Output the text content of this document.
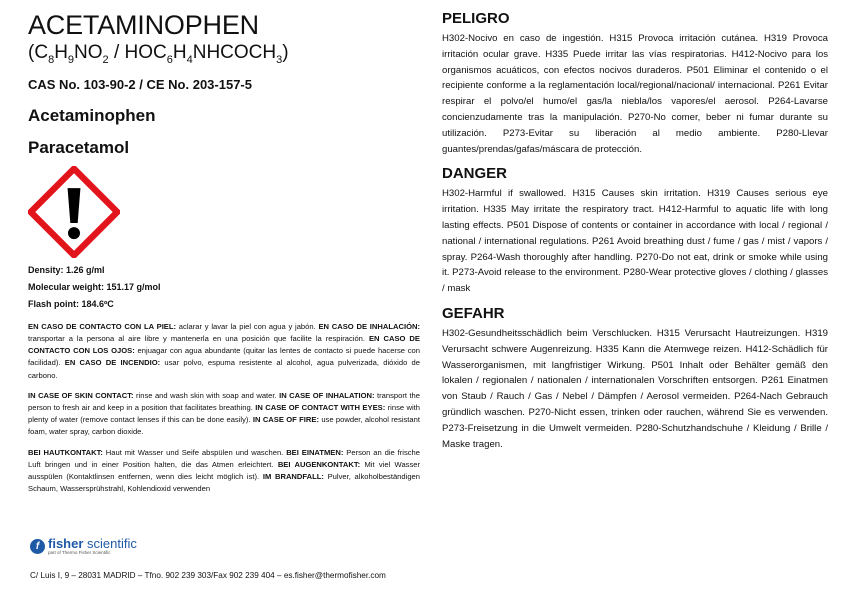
ACETAMINOPHEN
($C_8H_9NO_2$ / $HOC_6H_4NHCOCH_3$)
CAS No. 103-90-2 / CE No. 203-157-5
Acetaminophen
Paracetamol
Density: 1.26 g/ml
Molecular weight: 151.17 g/mol
Flash point: 184.6ºC

EN CASO DE CONTACTO CON LA PIEL: aclarar y lavar la piel con agua y jabón. EN CASO DE INHALACIÓN: transportar a la persona al aire libre y mantenerla en una posición que facilite la respiración. EN CASO DE CONTACTO CON LOS OJOS: enjuagar con agua abundante (quitar las lentes de contacto si puede hacerse con facilidad). EN CASO DE INCENDIO: usar polvo, espuma resistente al alcohol, agua pulverizada, dióxido de carbono.

IN CASE OF SKIN CONTACT: rinse and wash skin with soap and water. IN CASE OF INHALATION: transport the person to fresh air and keep in a position that facilitates breathing. IN CASE OF CONTACT WITH EYES: rinse with plenty of water (remove contact lenses if this can be done easily). IN CASE OF FIRE: use powder, alcohol resistant foam, water spray, carbon dioxide.

BEI HAUTKONTAKT: Haut mit Wasser und Seife abspülen und waschen. BEI EINATMEN: Person an die frische Luft bringen und in einer Position halten, die das Atmen erleichtert. BEI AUGENKONTAKT: Mit viel Wasser ausspülen (Kontaktlinsen entfernen, wenn dies leicht möglich ist). IM BRANDFALL: Pulver, alkoholbeständigen Schaum, Wassersprühstrahl, Kohlendioxid verwenden

f fisher scientific
part of Thermo Fisher Scientific
C/ Luis I, 9 – 28031 MADRID – Tfno. 902 239 303/Fax 902 239 404 – es.fisher@thermofisher.com
PELIGRO

H302-Nocivo en caso de ingestión. H315 Provoca irritación cutánea. H319 Provoca irritación ocular grave. H335 Puede irritar las vías respiratorias. H412-Nocivo para los organismos acuáticos, con efectos nocivos duraderos. P501 Eliminar el contenido o el recipiente conforme a la reglamentación local/regional/nacional/ internacional. P261 Evitar respirar el polvo/el humo/el gas/la niebla/los vapores/el aerosol. P264-Lavarse concienzudamente tras la manipulación. P270-No comer, beber ni fumar durante su utilización. P273-Evitar su liberación al medio ambiente. P280-Llevar guantes/prendas/gafas/máscara de protección.

DANGER

H302-Harmful if swallowed. H315 Causes skin irritation. H319 Causes serious eye irritation. H335 May irritate the respiratory tract. H412-Harmful to aquatic life with long lasting effects. P501 Dispose of contents or container in accordance with local / regional / national / international regulations. P261 Avoid breathing dust / fume / gas / mist / vapors / spray. P264-Wash thoroughly after handling. P270-Do not eat, drink or smoke while using it. P273-Avoid release to the environment. P280-Wear protective gloves / clothing / glasses / mask

GEFAHR

H302-Gesundheitsschädlich beim Verschlucken. H315 Verursacht Hautreizungen. H319 Verursacht schwere Augenreizung. H335 Kann die Atemwege reizen. H412-Schädlich für Wasserorganismen, mit langfristiger Wirkung. P501 Inhalt oder Behälter gemäß den lokalen / regionalen / nationalen / internationalen Vorschriften entsorgen. P261 Einatmen von Staub / Rauch / Gas / Nebel / Dämpfen / Aerosol vermeiden. P264-Nach Gebrauch gründlich waschen. P270-Nicht essen, trinken oder rauchen, während Sie es verwenden. P273-Freisetzung in die Umwelt vermeiden. P280-Schutzhandschuhe / Kleidung / Brille / Maske tragen.
